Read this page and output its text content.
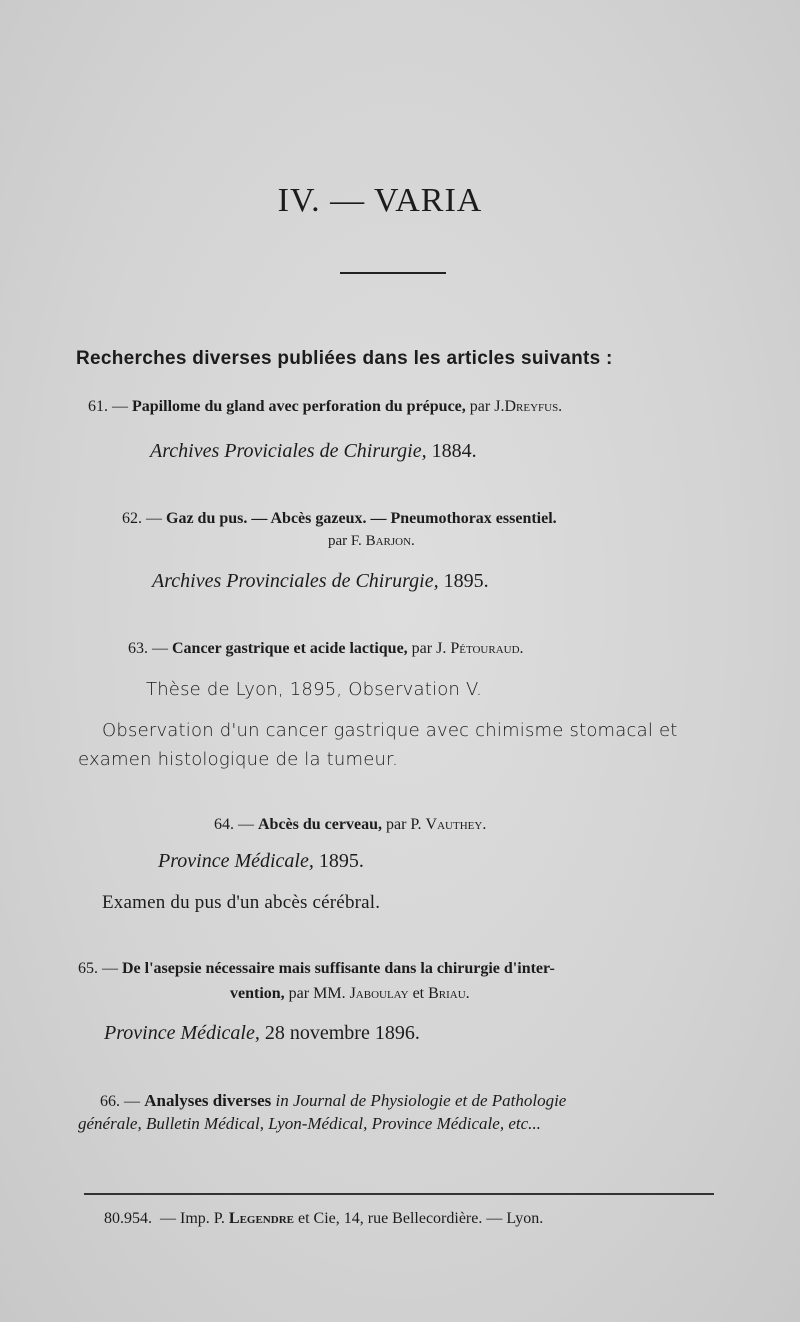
IV. — VARIA
Recherches diverses publiées dans les articles suivants :
61. — Papillome du gland avec perforation du prépuce, par J.Dreyfus.
Archives Proviciales de Chirurgie, 1884.
62. — Gaz du pus. — Abcès gazeux. — Pneumothorax essentiel.
par F. Barjon.
Archives Provinciales de Chirurgie, 1895.
63. — Cancer gastrique et acide lactique, par J. Pétouraud.
Thèse de Lyon, 1895, Observation V.
Observation d'un cancer gastrique avec chimisme stomacal et
examen histologique de la tumeur.
64. — Abcès du cerveau, par P. Vauthey.
Province Médicale, 1895.
Examen du pus d'un abcès cérébral.
65. — De l'asepsie nécessaire mais suffisante dans la chirurgie d'inter-
vention, par MM. Jaboulay et Briau.
Province Médicale, 28 novembre 1896.
66. — Analyses diverses in Journal de Physiologie et de Pathologie
générale, Bulletin Médical, Lyon-Médical, Province Médicale, etc...
80.954. — Imp. P. Legendre et Cie, 14, rue Bellecordière. — Lyon.
